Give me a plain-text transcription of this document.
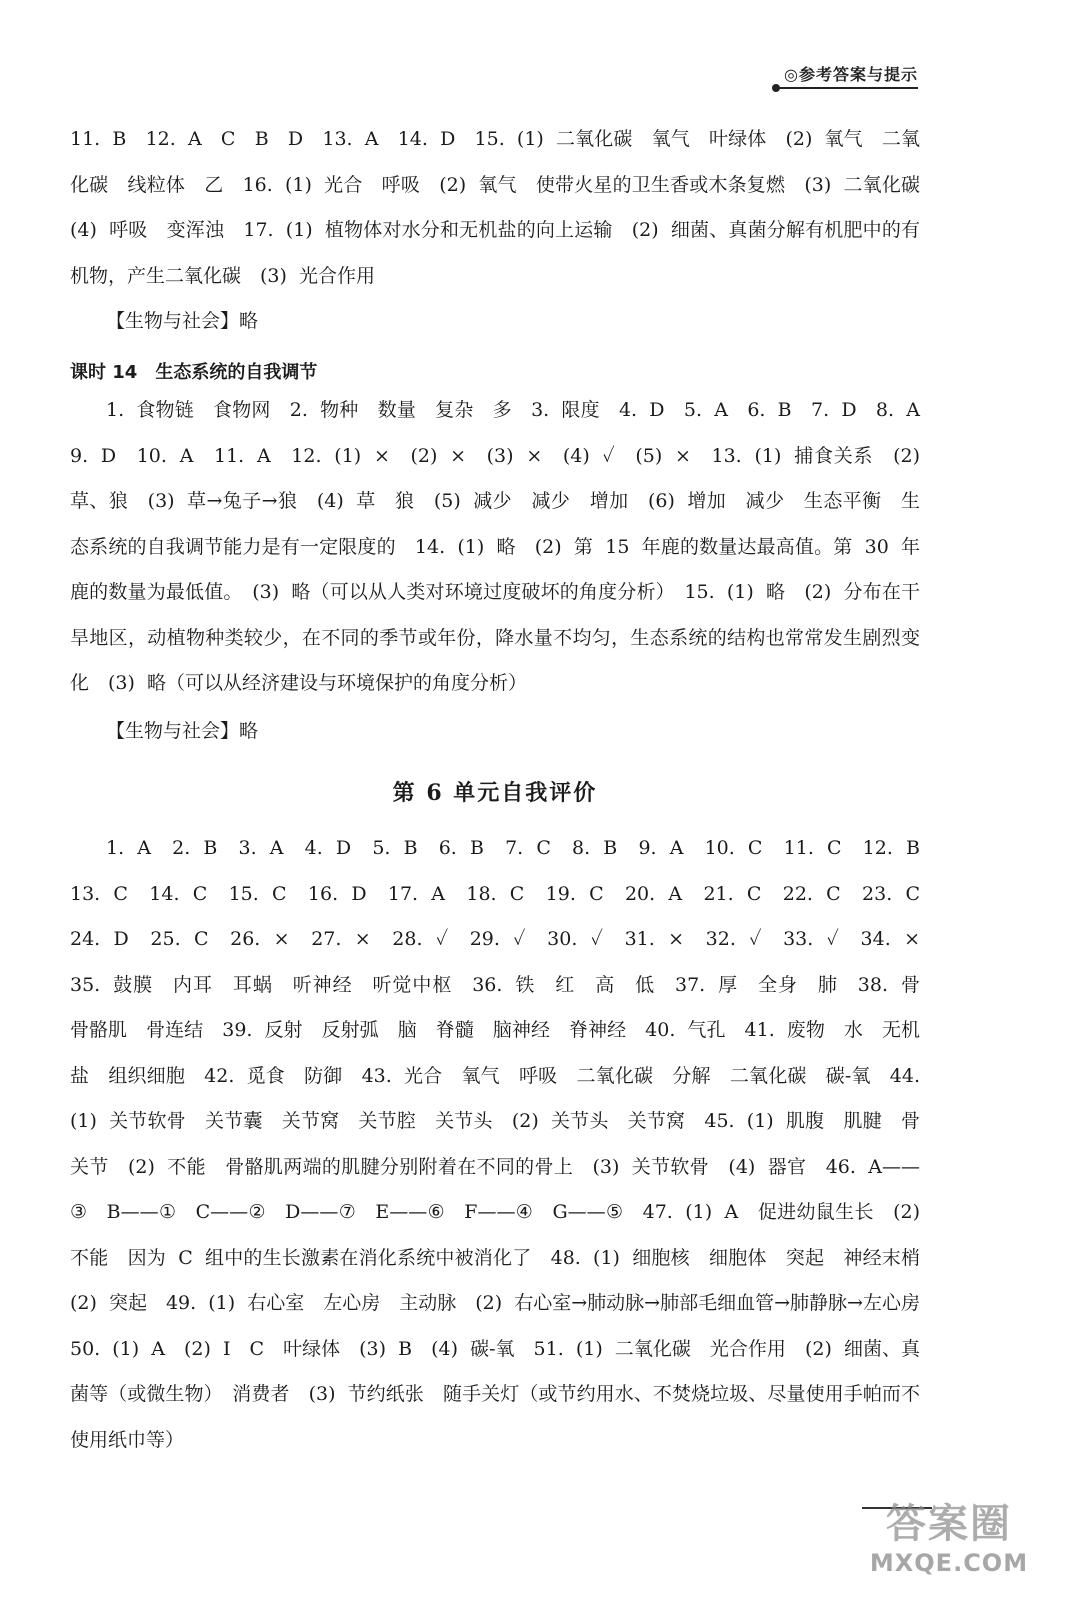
◎参考答案与提示
11. B　12. A　C　B　D　13. A　14. D　15. (1) 二氧化碳　氧气　叶绿体　(2) 氧气　二氧化碳　线粒体　乙　16. (1) 光合　呼吸　(2) 氧气　使带火星的卫生香或木条复燃　(3) 二氧化碳　(4) 呼吸　变浑浊　17. (1) 植物体对水分和无机盐的向上运输　(2) 细菌、真菌分解有机肥中的有机物，产生二氧化碳　(3) 光合作用
【生物与社会】略
课时 14　生态系统的自我调节
1. 食物链　食物网　2. 物种　数量　复杂　多　3. 限度　4. D　5. A　6. B　7. D　8. A　9. D　10. A　11. A　12. (1) ×　(2) ×　(3) ×　(4) ✓　(5) ×　13. (1) 捕食关系　(2) 草、狼　(3) 草→兔子→狼　(4) 草　狼　(5) 减少　减少　增加　(6) 增加　减少　生态平衡　生态系统的自我调节能力是有一定限度的　14. (1) 略　(2) 第 15 年鹿的数量达最高值。第 30 年鹿的数量为最低值。　(3) 略（可以从人类对环境过度破坏的角度分析）　15. (1) 略　(2) 分布在干旱地区，动植物种类较少，在不同的季节或年份，降水量不均匀，生态系统的结构也常常发生剧烈变化　(3) 略（可以从经济建设与环境保护的角度分析）
【生物与社会】略
第 6 单元自我评价
1. A　2. B　3. A　4. D　5. B　6. B　7. C　8. B　9. A　10. C　11. C　12. B　13. C　14. C　15. C　16. D　17. A　18. C　19. C　20. A　21. C　22. C　23. C　24. D　25. C　26. ×　27. ×　28. ✓　29. ✓　30. ✓　31. ×　32. ✓　33. ✓　34. ×　35. 鼓膜　内耳　耳蜗　听神经　听觉中枢　36. 铁　红　高　低　37. 厚　全身　肺　38. 骨　骨骼肌　骨连结　39. 反射　反射弧　脑　脊髓　脑神经　脊神经　40. 气孔　41. 废物　水　无机盐　组织细胞　42. 觅食　防御　43. 光合　氧气　呼吸　二氧化碳　分解　二氧化碳　碳-氧　44. (1) 关节软骨　关节囊　关节窝　关节腔　关节头　(2) 关节头　关节窝　45. (1) 肌腹　肌腱　骨　关节　(2) 不能　骨骼肌两端的肌腱分别附着在不同的骨上　(3) 关节软骨　(4) 器官　46. A——③　B——①　C——②　D——⑦　E——⑥　F——④　G——⑤　47. (1) A　促进幼鼠生长　(2) 不能　因为 C 组中的生长激素在消化系统中被消化了　48. (1) 细胞核　细胞体　突起　神经末梢　(2) 突起　49. (1) 右心室　左心房　主动脉　(2) 右心室→肺动脉→肺部毛细血管→肺静脉→左心房　50. (1) A　(2) Ⅰ　C　叶绿体　(3) B　(4) 碳-氧　51. (1) 二氧化碳　光合作用　(2) 细菌、真菌等（或微生物）　消费者　(3) 节约纸张　随手关灯（或节约用水、不焚烧垃圾、尽量使用手帕而不使用纸巾等）
答案圈
MXQE.COM
